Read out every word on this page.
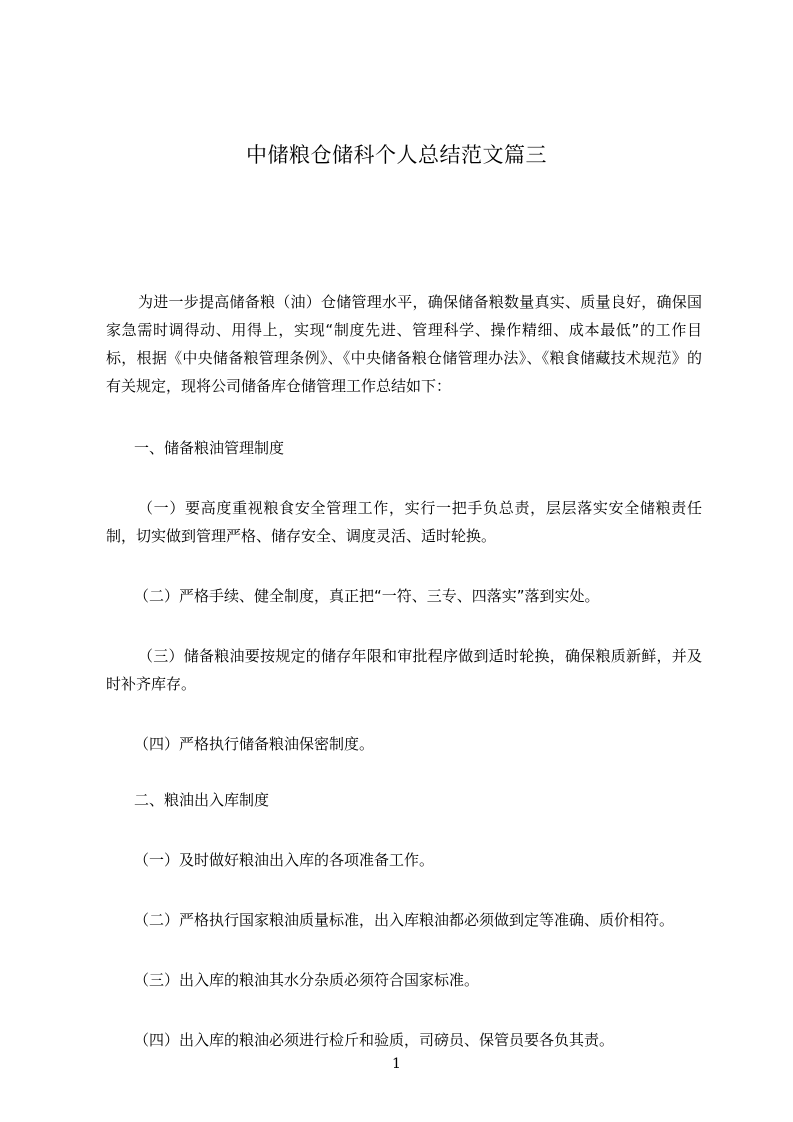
中储粮仓储科个人总结范文篇三

为进一步提高储备粮（油）仓储管理水平，确保储备粮数量真实、质量良好，确保国家急需时调得动、用得上，实现“制度先进、管理科学、操作精细、成本最低”的工作目标，根据《中央储备粮管理条例》、《中央储备粮仓储管理办法》、《粮食储藏技术规范》的有关规定，现将公司储备库仓储管理工作总结如下：

一、储备粮油管理制度

（一）要高度重视粮食安全管理工作，实行一把手负总责，层层落实安全储粮责任制，切实做到管理严格、储存安全、调度灵活、适时轮换。

（二）严格手续、健全制度，真正把“一符、三专、四落实”落到实处。

（三）储备粮油要按规定的储存年限和审批程序做到适时轮换，确保粮质新鲜，并及时补齐库存。

（四）严格执行储备粮油保密制度。

二、粮油出入库制度

（一）及时做好粮油出入库的各项准备工作。

（二）严格执行国家粮油质量标准，出入库粮油都必须做到定等准确、质价相符。

（三）出入库的粮油其水分杂质必须符合国家标准。

（四）出入库的粮油必须进行检斤和验质，司磅员、保管员要各负其责。

1
